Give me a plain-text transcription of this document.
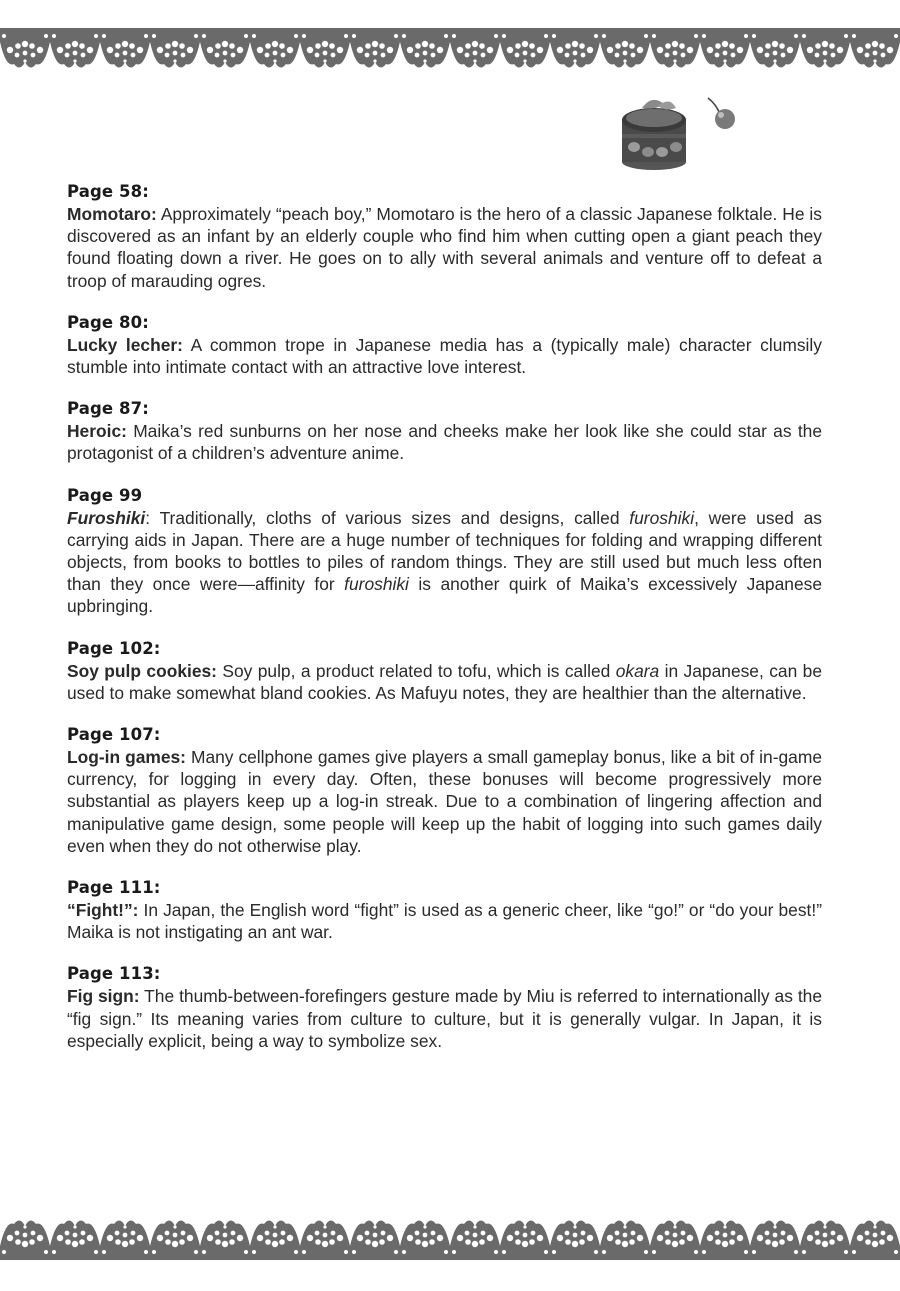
Page 58:
Momotaro: Approximately “peach boy,” Momotaro is the hero of a classic Japanese folktale. He is discovered as an infant by an elderly couple who find him when cutting open a giant peach they found floating down a river. He goes on to ally with several animals and venture off to defeat a troop of marauding ogres.
Page 80:
Lucky lecher: A common trope in Japanese media has a (typically male) character clumsily stumble into intimate contact with an attractive love interest.
Page 87:
Heroic: Maika’s red sunburns on her nose and cheeks make her look like she could star as the protagonist of a children’s adventure anime.
Page 99
Furoshiki: Traditionally, cloths of various sizes and designs, called furoshiki, were used as carrying aids in Japan. There are a huge number of techniques for folding and wrapping different objects, from books to bottles to piles of random things. They are still used but much less often than they once were—affinity for furoshiki is another quirk of Maika’s excessively Japanese upbringing.
Page 102:
Soy pulp cookies: Soy pulp, a product related to tofu, which is called okara in Japanese, can be used to make somewhat bland cookies. As Mafuyu notes, they are healthier than the alternative.
Page 107:
Log-in games: Many cellphone games give players a small gameplay bonus, like a bit of in-game currency, for logging in every day. Often, these bonuses will become progressively more substantial as players keep up a log-in streak. Due to a combination of lingering affection and manipulative game design, some people will keep up the habit of logging into such games daily even when they do not otherwise play.
Page 111:
“Fight!”: In Japan, the English word “fight” is used as a generic cheer, like “go!” or “do your best!” Maika is not instigating an ant war.
Page 113:
Fig sign: The thumb-between-forefingers gesture made by Miu is referred to internationally as the “fig sign.” Its meaning varies from culture to culture, but it is generally vulgar. In Japan, it is especially explicit, being a way to symbolize sex.
